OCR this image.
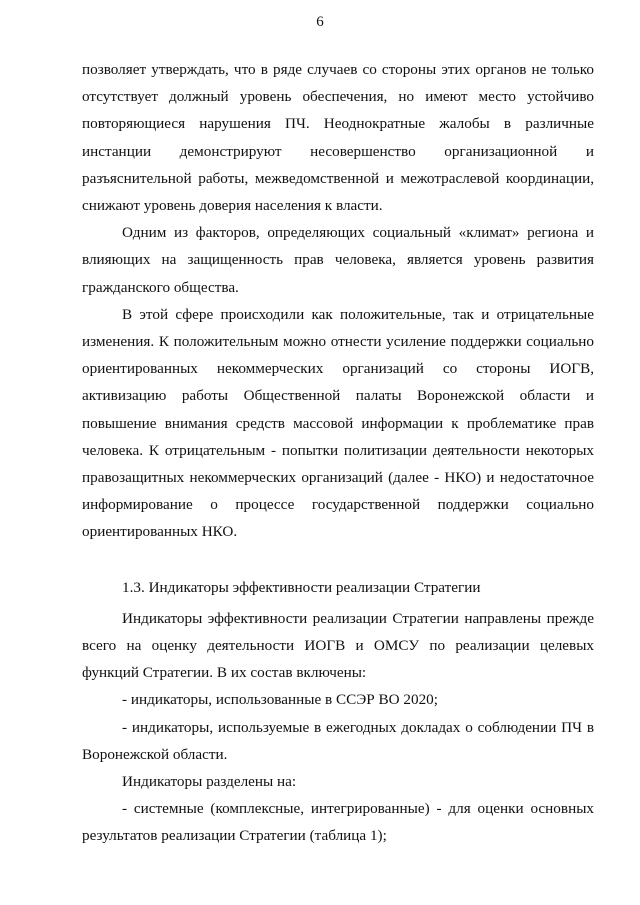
6

позволяет утверждать, что в ряде случаев со стороны этих органов не только отсутствует должный уровень обеспечения, но имеют место устойчиво повторяющиеся нарушения ПЧ. Неоднократные жалобы в различные инстанции демонстрируют несовершенство организационной и разъяснительной работы, межведомственной и межотраслевой координации, снижают уровень доверия населения к власти.

Одним из факторов, определяющих социальный «климат» региона и влияющих на защищенность прав человека, является уровень развития гражданского общества.

В этой сфере происходили как положительные, так и отрицательные изменения. К положительным можно отнести усиление поддержки социально ориентированных некоммерческих организаций со стороны ИОГВ, активизацию работы Общественной палаты Воронежской области и повышение внимания средств массовой информации к проблематике прав человека. К отрицательным - попытки политизации деятельности некоторых правозащитных некоммерческих организаций (далее - НКО) и недостаточное информирование о процессе государственной поддержки социально ориентированных НКО.

1.3. Индикаторы эффективности реализации Стратегии

Индикаторы эффективности реализации Стратегии направлены прежде всего на оценку деятельности ИОГВ и ОМСУ по реализации целевых функций Стратегии. В их состав включены:

- индикаторы, использованные в ССЭР ВО 2020;

- индикаторы, используемые в ежегодных докладах о соблюдении ПЧ в Воронежской области.

Индикаторы разделены на:

- системные (комплексные, интегрированные) - для оценки основных результатов реализации Стратегии (таблица 1);
